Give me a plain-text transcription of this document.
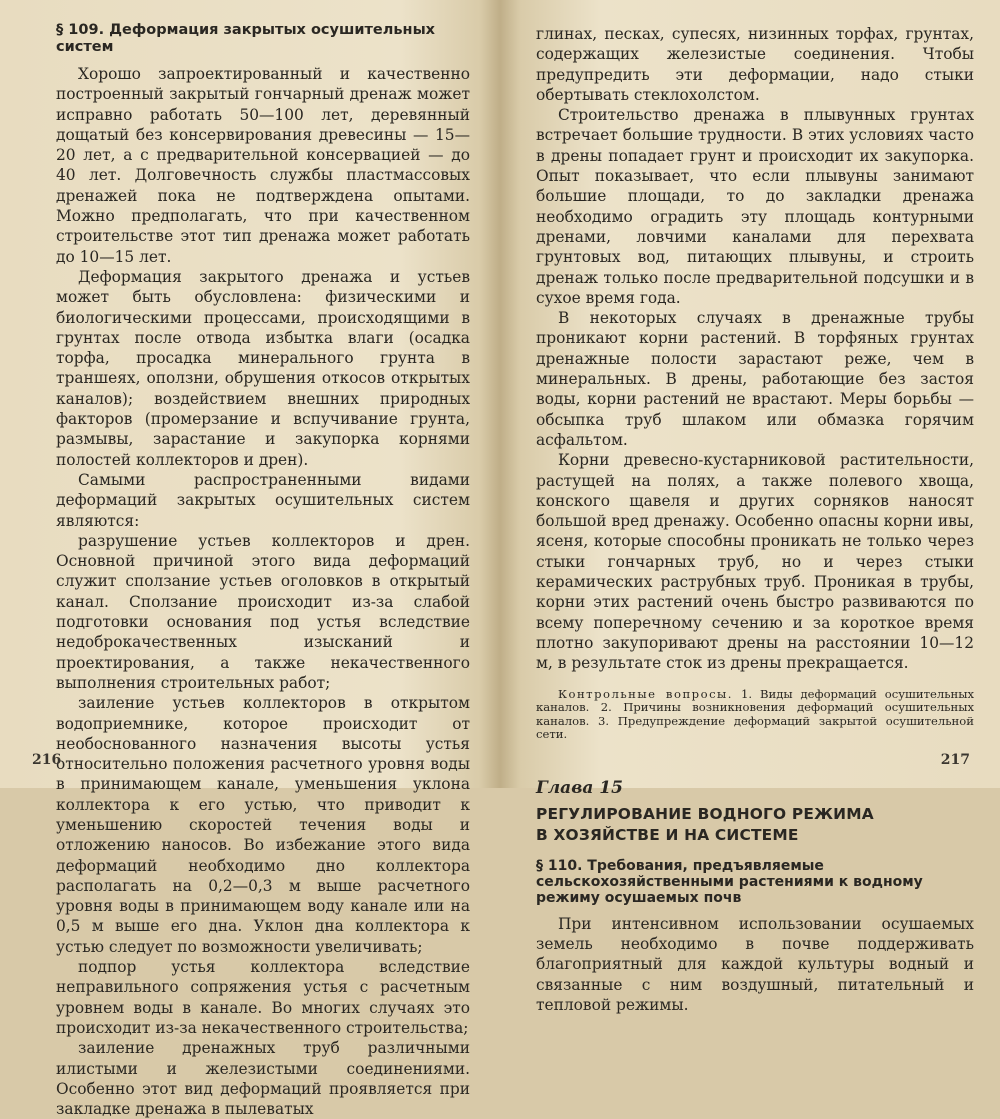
§ 109. Деформация закрытых осушительных систем

Хорошо запроектированный и качественно построенный закрытый гончарный дренаж может исправно работать 50—100 лет, деревянный дощатый без консервирования древесины — 15—20 лет, а с предварительной консервацией — до 40 лет. Долговечность службы пластмассовых дренажей пока не подтверждена опытами. Можно предполагать, что при качественном строительстве этот тип дренажа может работать до 10—15 лет.

Деформация закрытого дренажа и устьев может быть обусловлена: физическими и биологическими процессами, происходящими в грунтах после отвода избытка влаги (осадка торфа, просадка минерального грунта в траншеях, оползни, обрушения откосов открытых каналов); воздействием внешних природных факторов (промерзание и вспучивание грунта, размывы, зарастание и закупорка корнями полостей коллекторов и дрен).

Самыми распространенными видами деформаций закрытых осушительных систем являются:

разрушение устьев коллекторов и дрен. Основной причиной этого вида деформаций служит сползание устьев оголовков в открытый канал. Сползание происходит из-за слабой подготовки основания под устья вследствие недоброкачественных изысканий и проектирования, а также некачественного выполнения строительных работ;

заиление устьев коллекторов в открытом водоприемнике, которое происходит от необоснованного назначения высоты устья относительно положения расчетного уровня воды в принимающем канале, уменьшения уклона коллектора к его устью, что приводит к уменьшению скоростей течения воды и отложению наносов. Во избежание этого вида деформаций необходимо дно коллектора располагать на 0,2—0,3 м выше расчетного уровня воды в принимающем воду канале или на 0,5 м выше его дна. Уклон дна коллектора к устью следует по возможности увеличивать;

подпор устья коллектора вследствие неправильного сопряжения устья с расчетным уровнем воды в канале. Во многих случаях это происходит из-за некачественного строительства;

заиление дренажных труб различными илистыми и железистыми соединениями. Особенно этот вид деформаций проявляется при закладке дренажа в пылеватых

216

глинах, песках, супесях, низинных торфах, грунтах, содержащих железистые соединения. Чтобы предупредить эти деформации, надо стыки обертывать стеклохолстом.

Строительство дренажа в плывунных грунтах встречает большие трудности. В этих условиях часто в дрены попадает грунт и происходит их закупорка. Опыт показывает, что если плывуны занимают большие площади, то до закладки дренажа необходимо оградить эту площадь контурными дренами, ловчими каналами для перехвата грунтовых вод, питающих плывуны, и строить дренаж только после предварительной подсушки и в сухое время года.

В некоторых случаях в дренажные трубы проникают корни растений. В торфяных грунтах дренажные полости зарастают реже, чем в минеральных. В дрены, работающие без застоя воды, корни растений не врастают. Меры борьбы — обсыпка труб шлаком или обмазка горячим асфальтом.

Корни древесно-кустарниковой растительности, растущей на полях, а также полевого хвоща, конского щавеля и других сорняков наносят большой вред дренажу. Особенно опасны корни ивы, ясеня, которые способны проникать не только через стыки гончарных труб, но и через стыки керамических раструбных труб. Проникая в трубы, корни этих растений очень быстро развиваются по всему поперечному сечению и за короткое время плотно закупоривают дрены на расстоянии 10—12 м, в результате сток из дрены прекращается.

Контрольные вопросы. 1. Виды деформаций осушительных каналов. 2. Причины возникновения деформаций осушительных каналов. 3. Предупреждение деформаций закрытой осушительной сети.

Глава 15
РЕГУЛИРОВАНИЕ ВОДНОГО РЕЖИМА
В ХОЗЯЙСТВЕ И НА СИСТЕМЕ
§ 110. Требования, предъявляемые сельскохозяйственными растениями к водному режиму осушаемых почв

При интенсивном использовании осушаемых земель необходимо в почве поддерживать благоприятный для каждой культуры водный и связанные с ним воздушный, питательный и тепловой режимы.

217
